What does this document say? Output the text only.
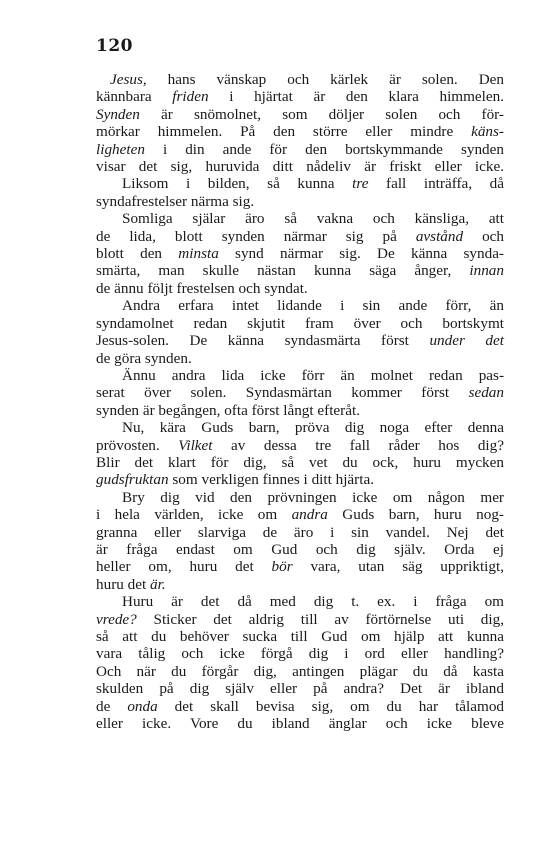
120
Jesus, hans vänskap och kärlek är solen. Den
kännbara friden i hjärtat är den klara himmelen.
Synden är snömolnet, som döljer solen och för-
mörkar himmelen. På den större eller mindre käns-
ligheten i din ande för den bortskymmande synden
visar det sig, huruvida ditt nådeliv är friskt eller icke.
Liksom i bilden, så kunna tre fall inträffa, då
syndafrestelser närma sig.
Somliga själar äro så vakna och känsliga, att
de lida, blott synden närmar sig på avstånd och
blott den minsta synd närmar sig. De känna synda-
smärta, man skulle nästan kunna säga ånger, innan
de ännu följt frestelsen och syndat.
Andra erfara intet lidande i sin ande förr, än
syndamolnet redan skjutit fram över och bortskymt
Jesus-solen. De känna syndasmärta först under det
de göra synden.
Ännu andra lida icke förr än molnet redan pas-
serat över solen. Syndasmärtan kommer först sedan
synden är begången, ofta först långt efteråt.
Nu, kära Guds barn, pröva dig noga efter denna
prövosten. Vilket av dessa tre fall råder hos dig?
Blir det klart för dig, så vet du ock, huru mycken
gudsfruktan som verkligen finnes i ditt hjärta.
Bry dig vid den prövningen icke om någon mer
i hela världen, icke om andra Guds barn, huru nog-
granna eller slarviga de äro i sin vandel. Nej det
är fråga endast om Gud och dig själv. Orda ej
heller om, huru det bör vara, utan säg uppriktigt,
huru det är.
Huru är det då med dig t. ex. i fråga om
vrede? Sticker det aldrig till av förtörnelse uti dig,
så att du behöver sucka till Gud om hjälp att kunna
vara tålig och icke förgå dig i ord eller handling?
Och när du förgår dig, antingen plägar du då kasta
skulden på dig själv eller på andra? Det är ibland
de onda det skall bevisa sig, om du har tålamod
eller icke. Vore du ibland änglar och icke bleve
